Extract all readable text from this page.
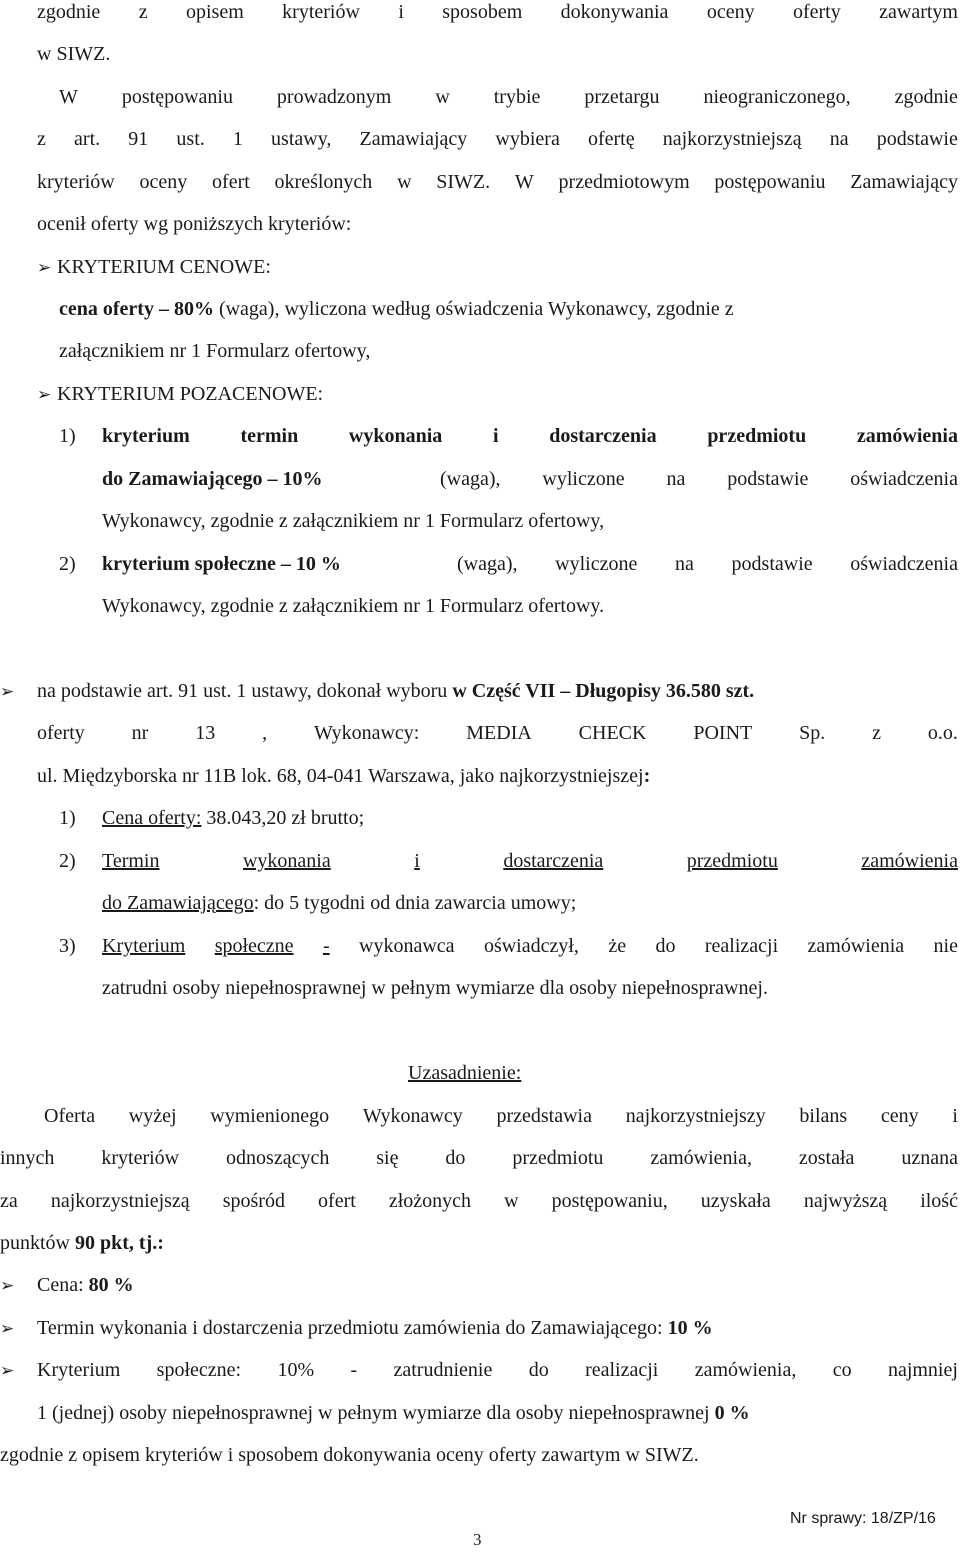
zgodnie z opisem kryteriów i sposobem dokonywania oceny oferty zawartym
w SIWZ.
W postępowaniu prowadzonym w trybie przetargu nieograniczonego, zgodnie
z art. 91 ust. 1 ustawy, Zamawiający wybiera ofertę najkorzystniejszą na podstawie
kryteriów oceny ofert określonych w SIWZ. W przedmiotowym postępowaniu Zamawiający
ocenił oferty wg poniższych kryteriów:
➢ KRYTERIUM CENOWE:
cena oferty – 80% (waga), wyliczona według oświadczenia Wykonawcy, zgodnie z
załącznikiem nr 1 Formularz ofertowy,
➢ KRYTERIUM POZACENOWE:
1) kryterium	termin	wykonania	i	dostarczenia	przedmiotu	zamówienia
do Zamawiającego – 10%	(waga), wyliczone na podstawie oświadczenia
Wykonawcy, zgodnie z załącznikiem nr 1 Formularz ofertowy,
2) kryterium społeczne – 10 %	(waga), wyliczone na podstawie oświadczenia
Wykonawcy, zgodnie z załącznikiem nr 1 Formularz ofertowy.
➢ na podstawie art. 91 ust. 1 ustawy, dokonał wyboru w Część VII – Długopisy 36.580 szt.
oferty nr 13 , Wykonawcy: MEDIA CHECK POINT Sp. z o.o.
ul. Międzyborska nr 11B lok. 68, 04-041 Warszawa, jako najkorzystniejszej:
1) Cena oferty: 38.043,20 zł brutto;
2) Termin	wykonania	i	dostarczenia	przedmiotu	zamówienia
do Zamawiającego: do 5 tygodni od dnia zawarcia umowy;
3) Kryterium społeczne - wykonawca oświadczył, że do realizacji zamówienia nie
zatrudni osoby niepełnosprawnej w pełnym wymiarze dla osoby niepełnosprawnej.
Uzasadnienie:
Oferta wyżej wymienionego Wykonawcy przedstawia najkorzystniejszy bilans ceny i
innych kryteriów odnoszących się do przedmiotu zamówienia, została uznana
za najkorzystniejszą spośród ofert złożonych w postępowaniu, uzyskała najwyższą ilość
punktów 90 pkt, tj.:
➢ Cena: 80 %
➢ Termin wykonania i dostarczenia przedmiotu zamówienia do Zamawiającego: 10 %
➢ Kryterium społeczne: 10% - zatrudnienie do realizacji zamówienia, co najmniej
1 (jednej) osoby niepełnosprawnej w pełnym wymiarze dla osoby niepełnosprawnej 0 %
zgodnie z opisem kryteriów i sposobem dokonywania oceny oferty zawartym w SIWZ.
Nr sprawy: 18/ZP/16
3
